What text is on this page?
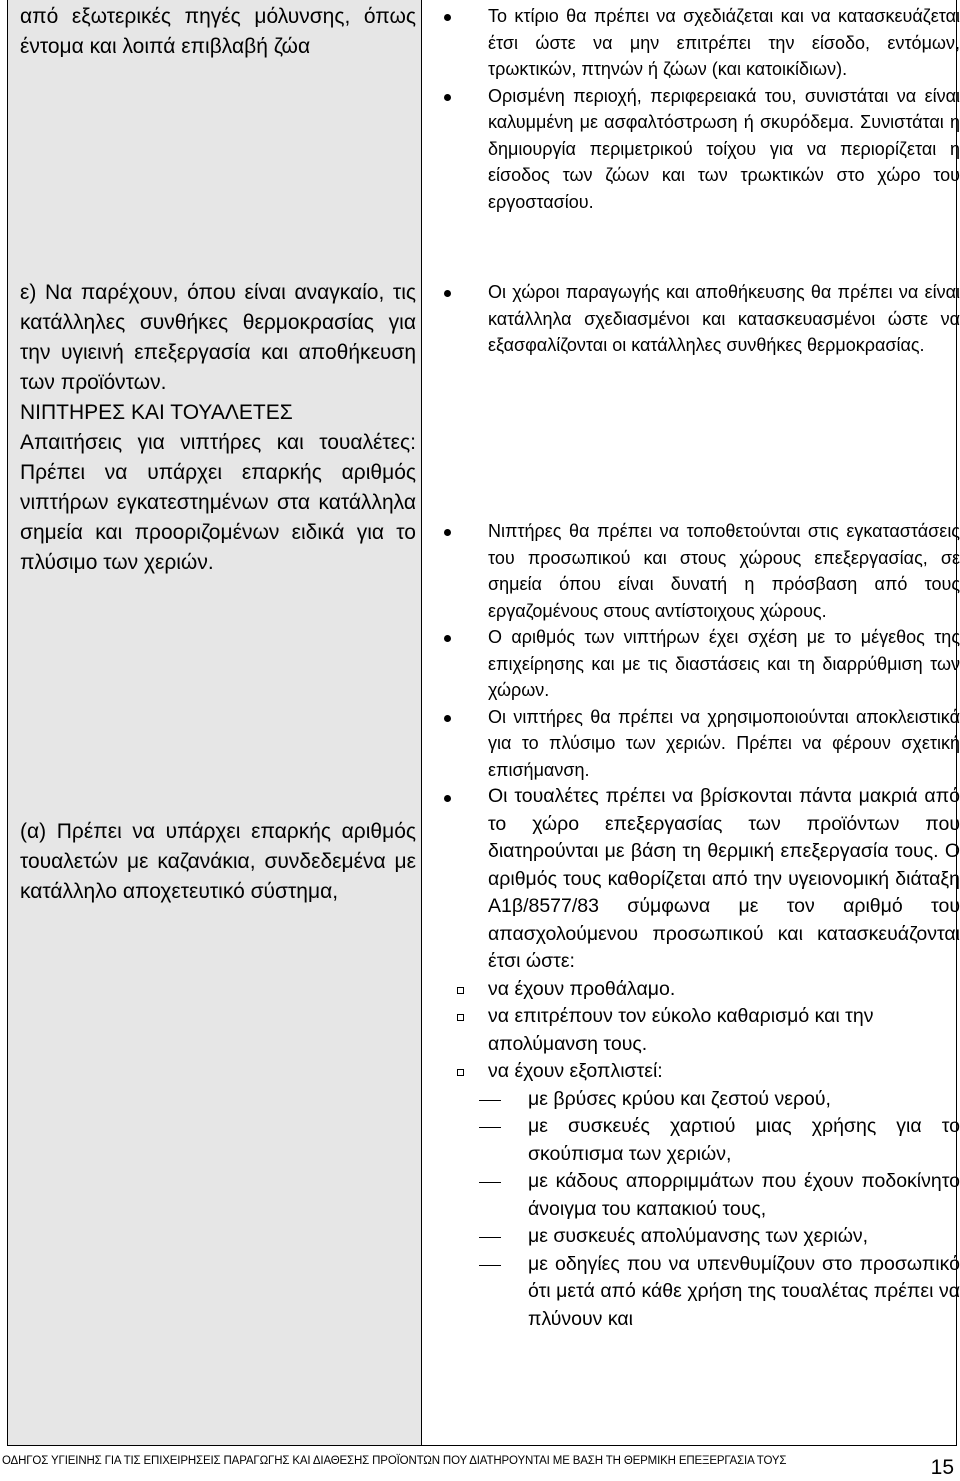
από εξωτερικές πηγές μόλυνσης, όπως έντομα και λοιπά επιβλαβή ζώα

ε) Να παρέχουν, όπου είναι αναγκαίο, τις κατάλληλες συνθήκες θερμοκρασίας για την υγιεινή επεξεργασία και αποθήκευση των προϊόντων.

ΝΙΠΤΗΡΕΣ ΚΑΙ ΤΟΥΑΛΕΤΕΣ

Απαιτήσεις για νιπτήρες και τουαλέτες:

Πρέπει να υπάρχει επαρκής αριθμός νιπτήρων εγκατεστημένων στα κατάλληλα σημεία και προοριζομένων ειδικά για το πλύσιμο των χεριών.

(α) Πρέπει να υπάρχει επαρκής αριθμός τουαλετών με καζανάκια, συνδεδεμένα με κατάλληλο αποχετευτικό σύστημα,

Το κτίριο θα πρέπει να σχεδιάζεται και να κατασκευάζεται έτσι ώστε να μην επιτρέπει την είσοδο, εντόμων, τρωκτικών, πτηνών ή ζώων (και κατοικίδιων).
Ορισμένη περιοχή, περιφερειακά του, συνιστάται να είναι καλυμμένη με ασφαλτόστρωση ή σκυρόδεμα. Συνιστάται η δημιουργία περιμετρικού τοίχου για να περιορίζεται η είσοδος των ζώων και των τρωκτικών στο χώρο του εργοστασίου.
Οι χώροι παραγωγής και αποθήκευσης θα πρέπει να είναι κατάλληλα σχεδιασμένοι και κατασκευασμένοι ώστε να εξασφαλίζονται οι κατάλληλες συνθήκες θερμοκρασίας.
Νιπτήρες θα πρέπει να τοποθετούνται στις εγκαταστάσεις του προσωπικού και στους χώρους επεξεργασίας, σε σημεία όπου είναι δυνατή η πρόσβαση από τους εργαζομένους στους αντίστοιχους χώρους.
Ο αριθμός των νιπτήρων έχει σχέση με το μέγεθος της επιχείρησης και με τις διαστάσεις και τη διαρρύθμιση των χώρων.
Οι νιπτήρες θα πρέπει να χρησιμοποιούνται αποκλειστικά για το πλύσιμο των χεριών. Πρέπει να φέρουν σχετική επισήμανση.
Οι τουαλέτες πρέπει να βρίσκονται πάντα μακριά από το χώρο επεξεργασίας των προϊόντων που διατηρούνται με βάση τη θερμική επεξεργασία τους. Ο αριθμός τους καθορίζεται από την υγειονομική διάταξη Α1β/8577/83 σύμφωνα με τον αριθμό του απασχολούμενου προσωπικού και κατασκευάζονται έτσι ώστε:
να έχουν προθάλαμο.
να επιτρέπουν τον εύκολο καθαρισμό και την απολύμανση τους.
να έχουν εξοπλιστεί:
με βρύσες κρύου και ζεστού νερού,
με συσκευές χαρτιού μιας χρήσης για το σκούπισμα των χεριών,
με κάδους απορριμμάτων που έχουν ποδοκίνητο άνοιγμα του καπακιού τους,
με συσκευές απολύμανσης των χεριών,
με οδηγίες που να υπενθυμίζουν στο προσωπικό ότι μετά από κάθε χρήση της τουαλέτας πρέπει να πλύνουν και
ΟΔΗΓΟΣ ΥΓΙΕΙΝΗΣ ΓΙΑ ΤΙΣ ΕΠΙΧΕΙΡΗΣΕΙΣ ΠΑΡΑΓΩΓΗΣ ΚΑΙ ΔΙΑΘΕΣΗΣ ΠΡΟΪΟΝΤΩΝ ΠΟΥ ΔΙΑΤΗΡΟΥΝΤΑΙ ΜΕ ΒΑΣΗ ΤΗ ΘΕΡΜΙΚΗ ΕΠΕΞΕΡΓΑΣΙΑ ΤΟΥΣ	15
